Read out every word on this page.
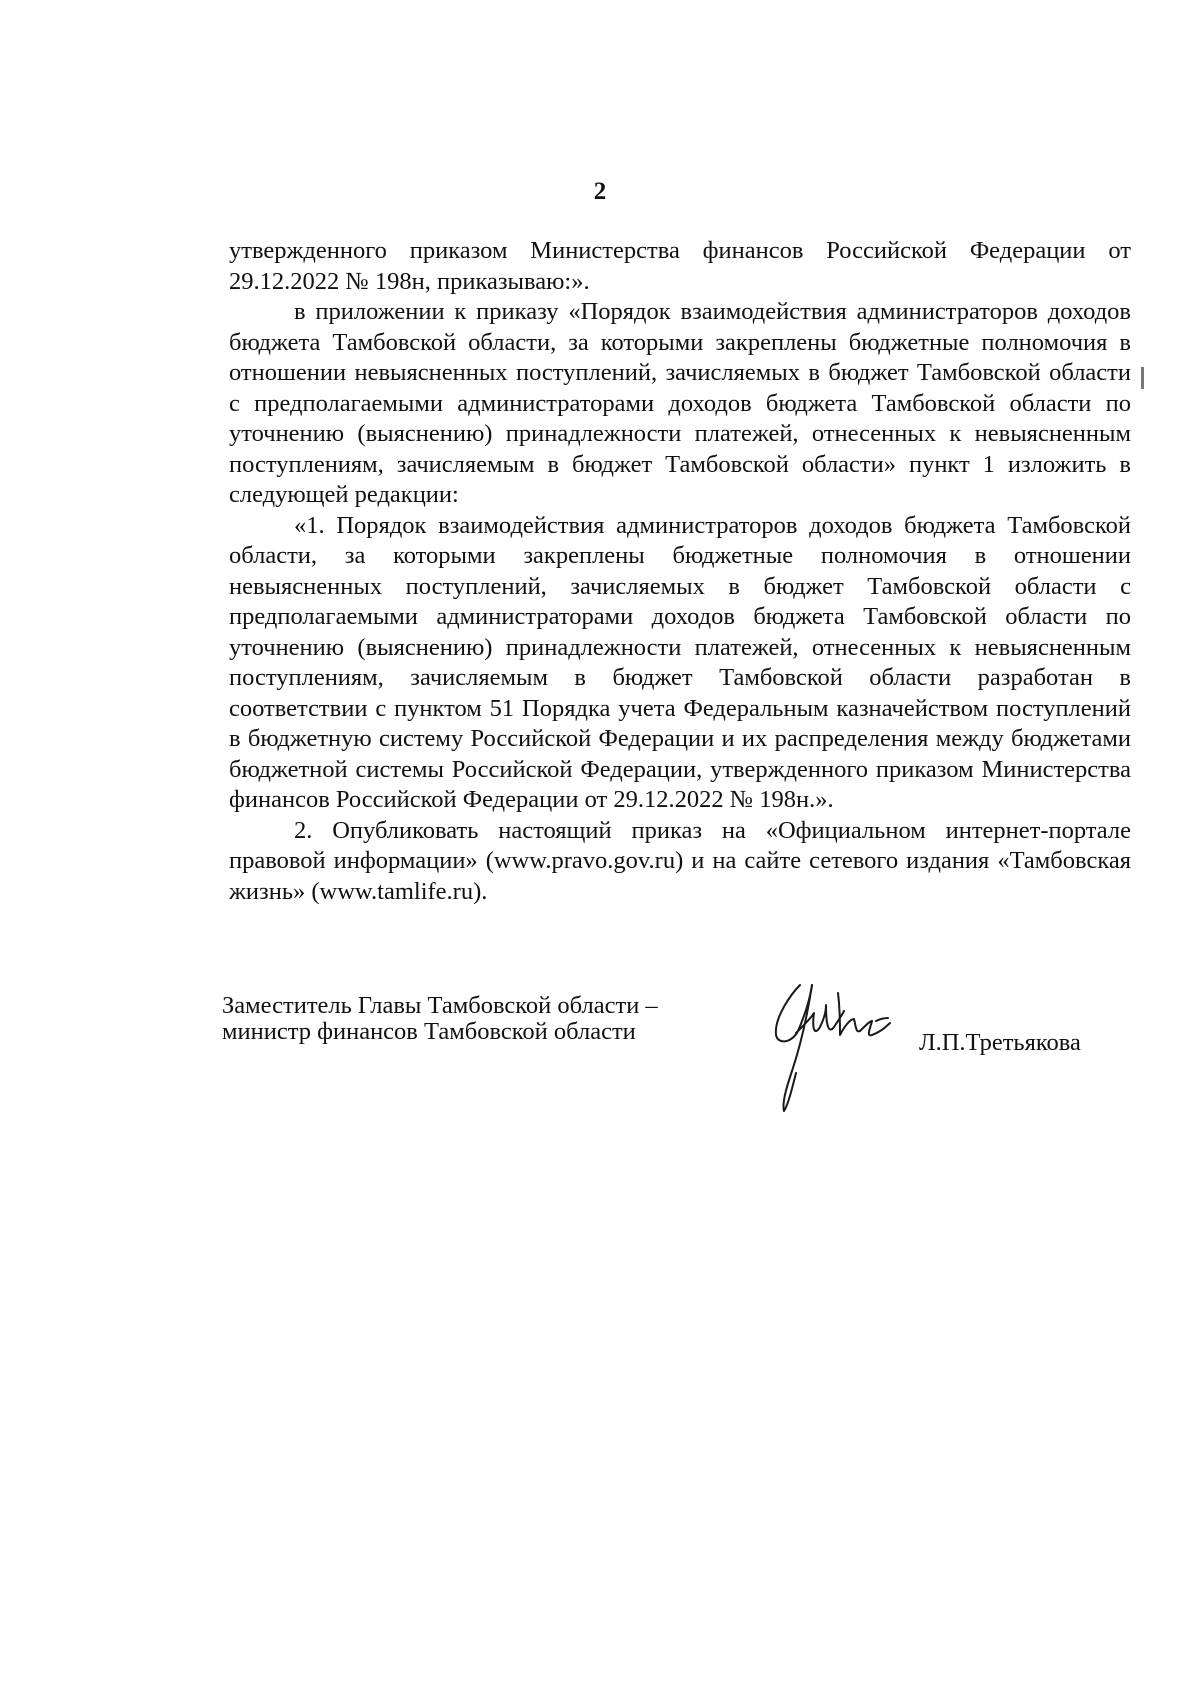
2

утвержденного приказом Министерства финансов Российской Федерации от 29.12.2022 № 198н, приказываю:».

в приложении к приказу «Порядок взаимодействия администраторов доходов бюджета Тамбовской области, за которыми закреплены бюджетные полномочия в отношении невыясненных поступлений, зачисляемых в бюджет Тамбовской области с предполагаемыми администраторами доходов бюджета Тамбовской области по уточнению (выяснению) принадлежности платежей, отнесенных к невыясненным поступлениям, зачисляемым в бюджет Тамбовской области» пункт 1 изложить в следующей редакции:

«1. Порядок взаимодействия администраторов доходов бюджета Тамбовской области, за которыми закреплены бюджетные полномочия в отношении невыясненных поступлений, зачисляемых в бюджет Тамбовской области с предполагаемыми администраторами доходов бюджета Тамбовской области по уточнению (выяснению) принадлежности платежей, отнесенных к невыясненным поступлениям, зачисляемым в бюджет Тамбовской области разработан в соответствии с пунктом 51 Порядка учета Федеральным казначейством поступлений в бюджетную систему Российской Федерации и их распределения между бюджетами бюджетной системы Российской Федерации, утвержденного приказом Министерства финансов Российской Федерации от 29.12.2022 № 198н.».

2. Опубликовать настоящий приказ на «Официальном интернет-портале правовой информации» (www.pravo.gov.ru) и на сайте сетевого издания «Тамбовская жизнь» (www.tamlife.ru).

Заместитель Главы Тамбовской области –
министр финансов Тамбовской области	Л.П.Третьякова
